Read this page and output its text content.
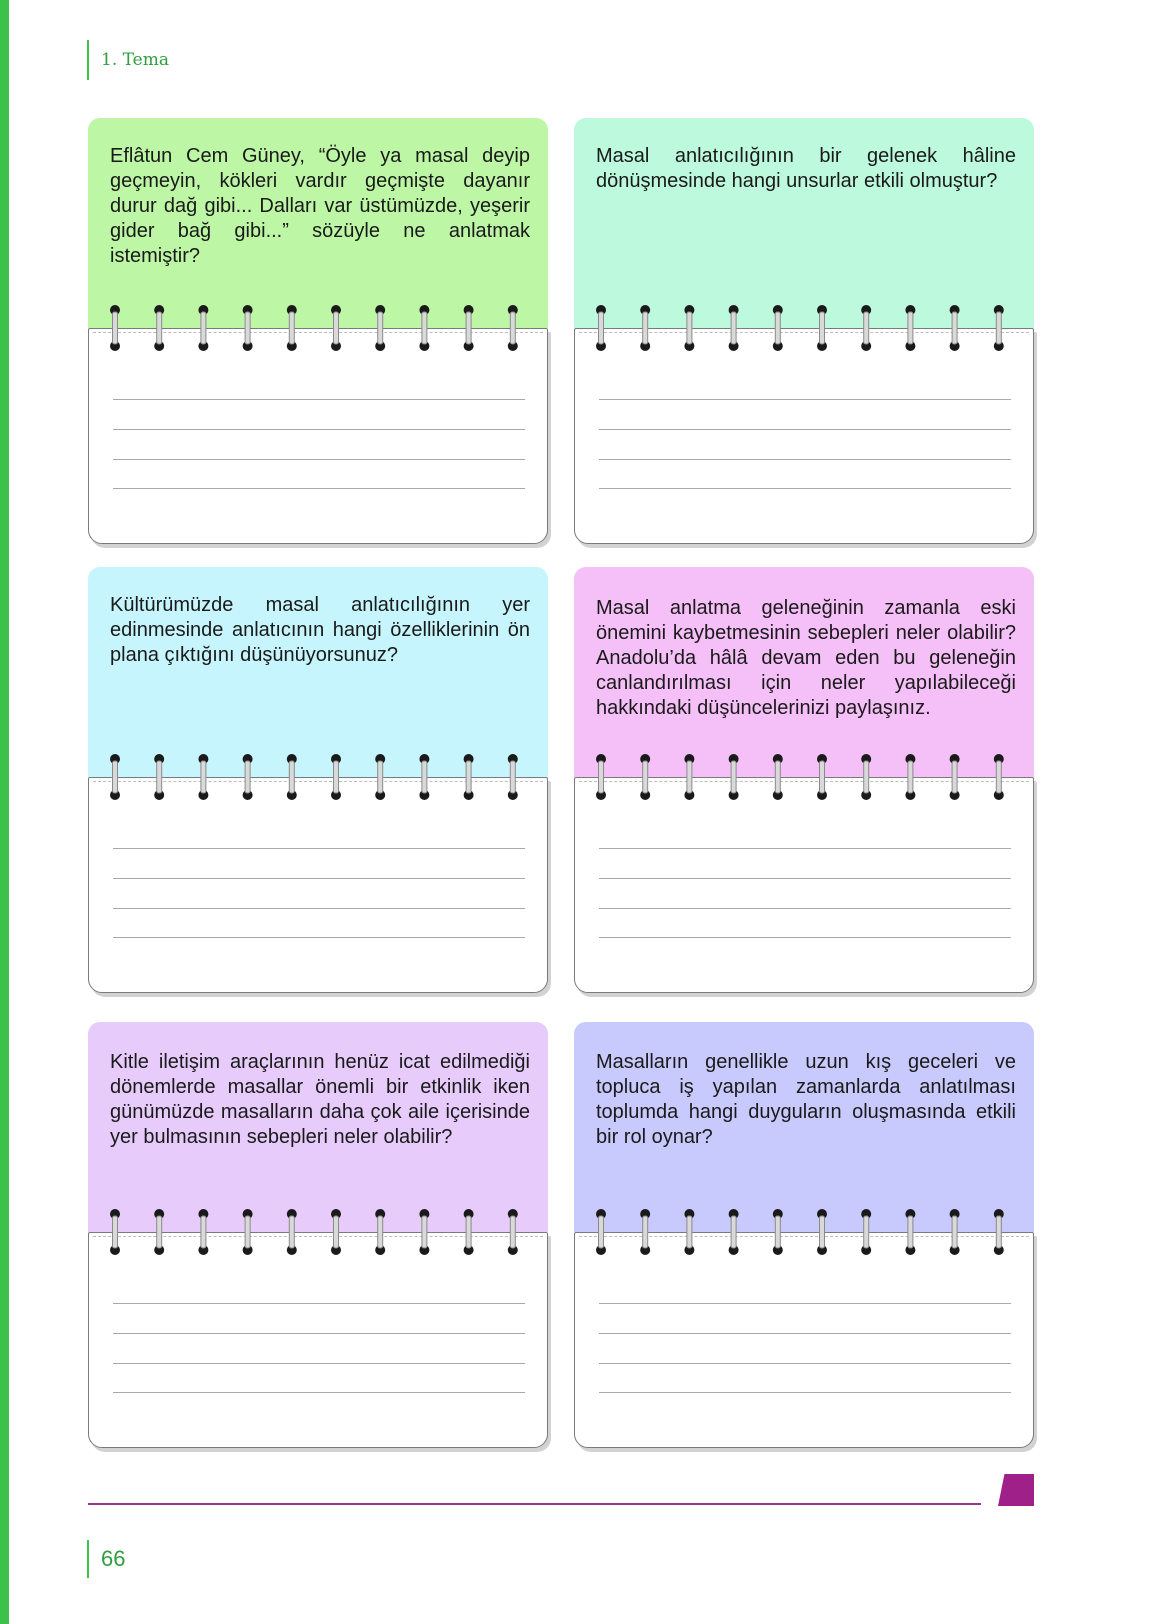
1. Tema
Eflâtun Cem Güney, “Öyle ya masal deyip geçmeyin, kökleri vardır geçmişte dayanır durur dağ gibi... Dalları var üstümüzde, yeşerir gider bağ gibi...” sözüyle ne anlatmak istemiştir?
Masal anlatıcılığının bir gelenek hâline dönüşmesinde hangi unsurlar etkili olmuştur?
Kültürümüzde masal anlatıcılığının yer edinmesinde anlatıcının hangi özelliklerinin ön plana çıktığını düşünüyorsunuz?
Masal anlatma geleneğinin zamanla eski önemini kaybetmesinin sebepleri neler olabilir? Anadolu’da hâlâ devam eden bu geleneğin canlandırılması için neler yapılabileceği hakkındaki düşüncelerinizi paylaşınız.
Kitle iletişim araçlarının henüz icat edilmediği dönemlerde masallar önemli bir etkinlik iken günümüzde masalların daha çok aile içerisinde yer bulmasının sebepleri neler olabilir?
Masalların genellikle uzun kış geceleri ve topluca iş yapılan zamanlarda anlatılması toplumda hangi duyguların oluşmasında etkili bir rol oynar?
66
